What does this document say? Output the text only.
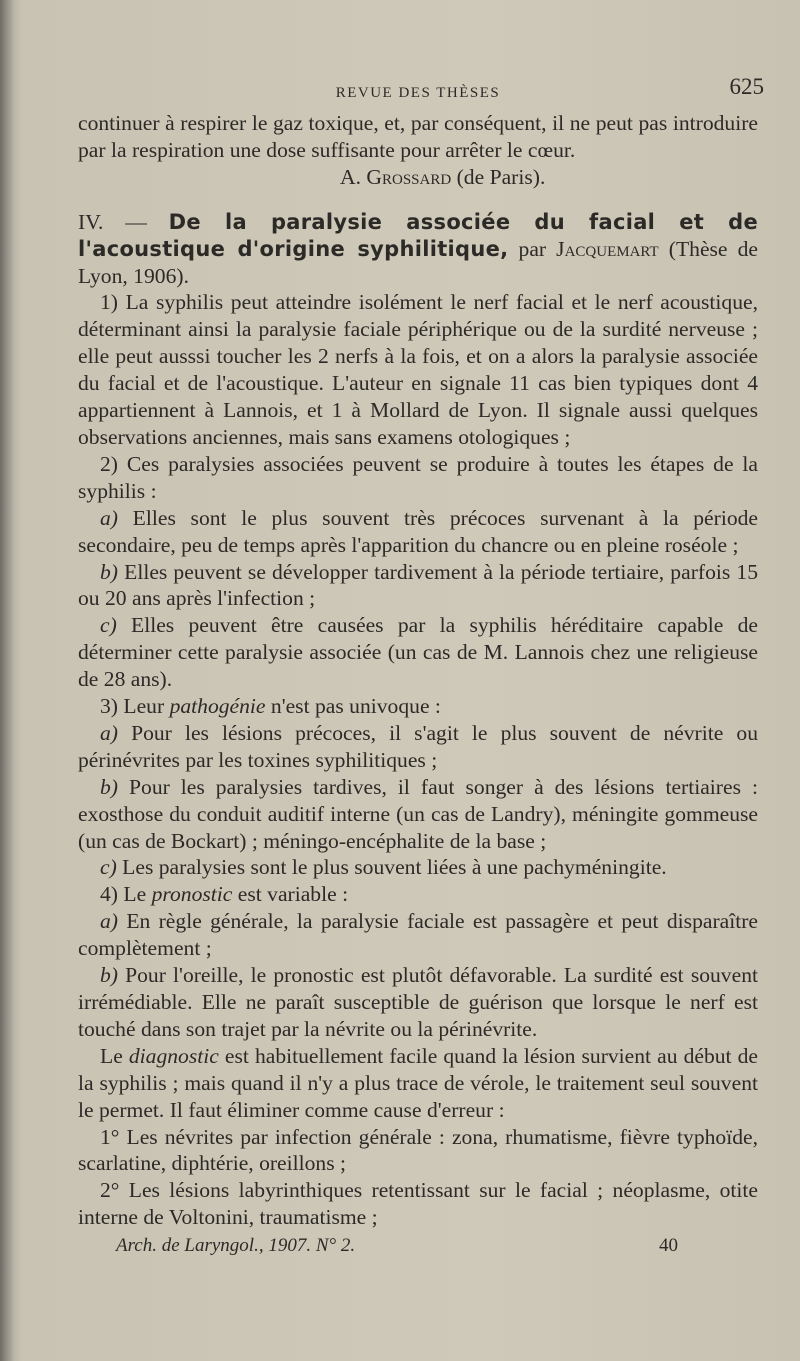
REVUE DES THÈSES	625

continuer à respirer le gaz toxique, et, par conséquent, il ne peut pas introduire par la respiration une dose suffisante pour arrêter le cœur.

A. Grossard (de Paris).

IV. — De la paralysie associée du facial et de l'acoustique d'origine syphilitique, par Jacquemart (Thèse de Lyon, 1906).

1) La syphilis peut atteindre isolément le nerf facial et le nerf acoustique, déterminant ainsi la paralysie faciale périphérique ou de la surdité nerveuse ; elle peut ausssi toucher les 2 nerfs à la fois, et on a alors la paralysie associée du facial et de l'acoustique. L'auteur en signale 11 cas bien typiques dont 4 appartiennent à Lannois, et 1 à Mollard de Lyon. Il signale aussi quelques observations anciennes, mais sans examens otologiques ;

2) Ces paralysies associées peuvent se produire à toutes les étapes de la syphilis :

a) Elles sont le plus souvent très précoces survenant à la période secondaire, peu de temps après l'apparition du chancre ou en pleine roséole ;

b) Elles peuvent se développer tardivement à la période tertiaire, parfois 15 ou 20 ans après l'infection ;

c) Elles peuvent être causées par la syphilis héréditaire capable de déterminer cette paralysie associée (un cas de M. Lannois chez une religieuse de 28 ans).

3) Leur pathogénie n'est pas univoque :

a) Pour les lésions précoces, il s'agit le plus souvent de névrite ou périnévrites par les toxines syphilitiques ;

b) Pour les paralysies tardives, il faut songer à des lésions tertiaires : exosthose du conduit auditif interne (un cas de Landry), méningite gommeuse (un cas de Bockart) ; méningo-encéphalite de la base ;

c) Les paralysies sont le plus souvent liées à une pachyméningite.

4) Le pronostic est variable :

a) En règle générale, la paralysie faciale est passagère et peut disparaître complètement ;

b) Pour l'oreille, le pronostic est plutôt défavorable. La surdité est souvent irrémédiable. Elle ne paraît susceptible de guérison que lorsque le nerf est touché dans son trajet par la névrite ou la périnévrite.

Le diagnostic est habituellement facile quand la lésion survient au début de la syphilis ; mais quand il n'y a plus trace de vérole, le traitement seul souvent le permet. Il faut éliminer comme cause d'erreur :

1° Les névrites par infection générale : zona, rhumatisme, fièvre typhoïde, scarlatine, diphtérie, oreillons ;

2° Les lésions labyrinthiques retentissant sur le facial ; néoplasme, otite interne de Voltonini, traumatisme ;

Arch. de Laryngol., 1907. N° 2.	40
